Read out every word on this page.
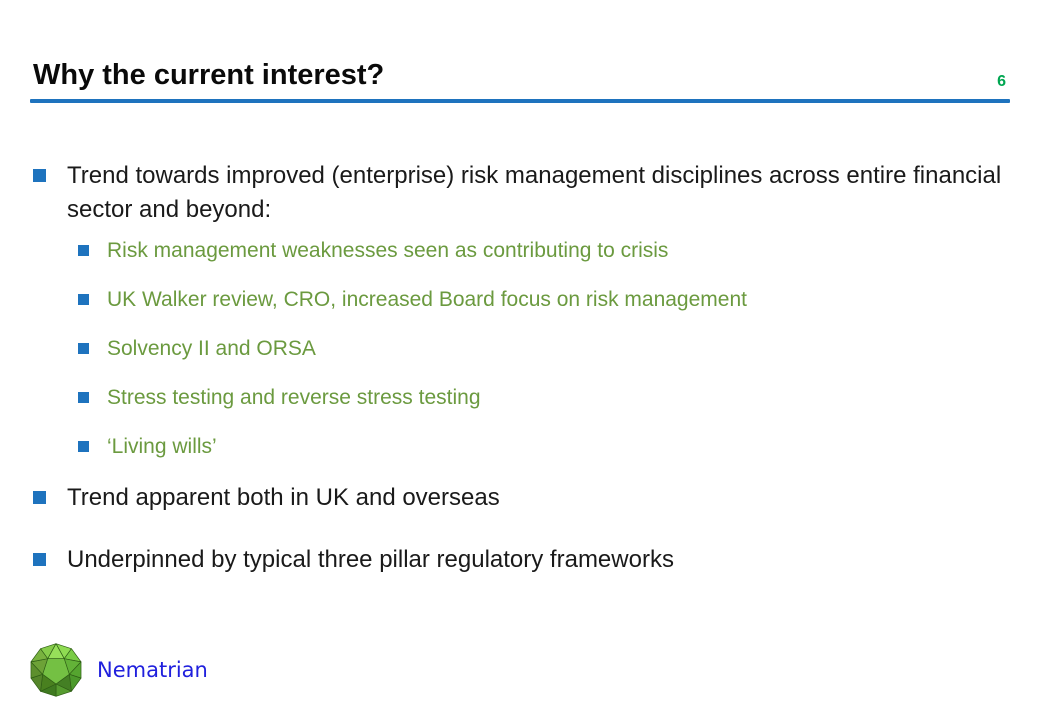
Why the current interest?	6
Trend towards improved (enterprise) risk management disciplines across entire financial sector and beyond:
Risk management weaknesses seen as contributing to crisis
UK Walker review, CRO, increased Board focus on risk management
Solvency II and ORSA
Stress testing and reverse stress testing
‘Living wills’
Trend apparent both in UK and overseas
Underpinned by typical three pillar regulatory frameworks
Nematrian
